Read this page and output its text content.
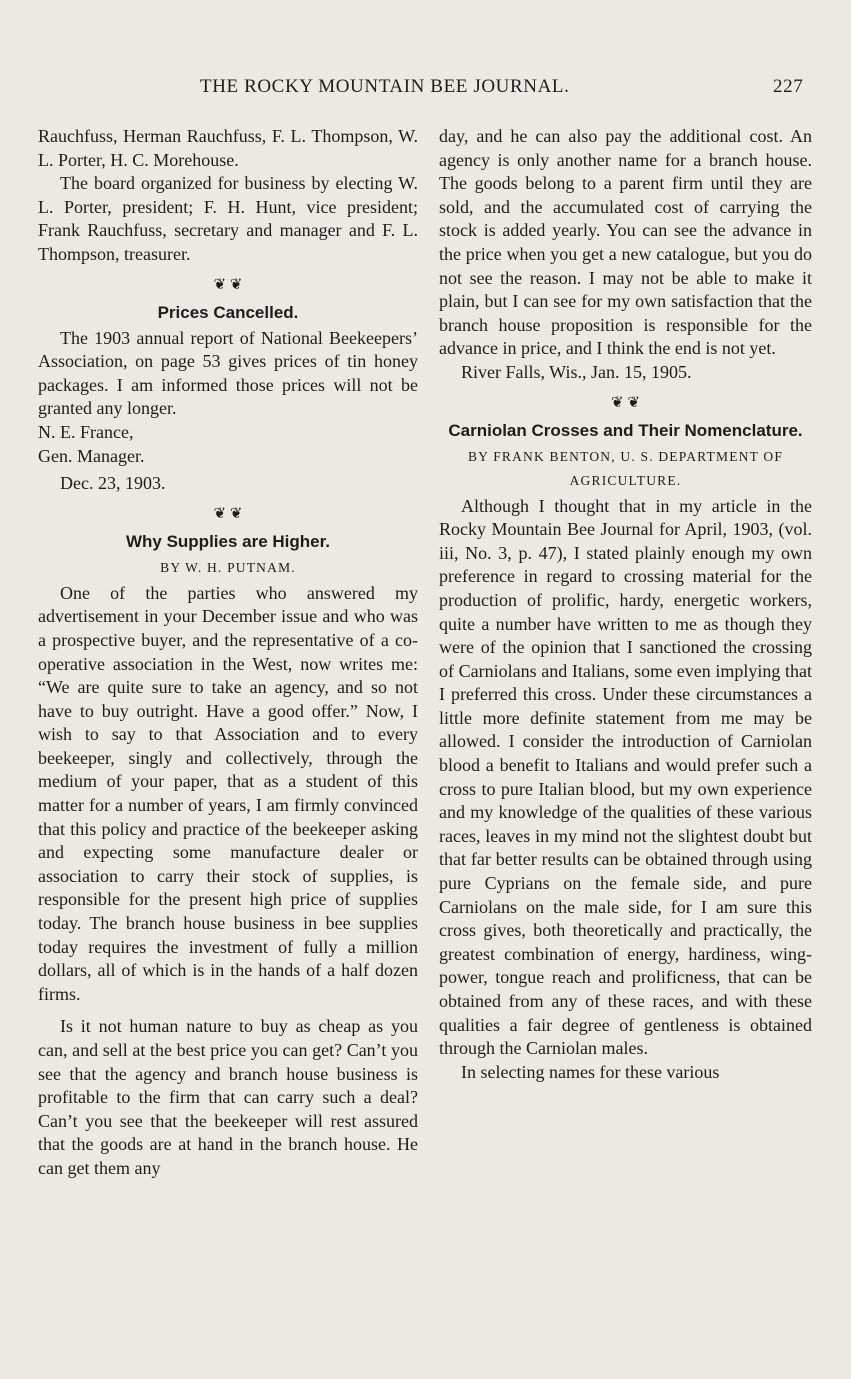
THE ROCKY MOUNTAIN BEE JOURNAL.	227

Rauchfuss, Herman Rauchfuss, F. L. Thompson, W. L. Porter, H. C. Morehouse.

The board organized for business by electing W. L. Porter, president; F. H. Hunt, vice president; Frank Rauchfuss, secretary and manager and F. L. Thompson, treasurer.

❦ ❦
Prices Cancelled.

The 1903 annual report of National Beekeepers’ Association, on page 53 gives prices of tin honey packages. I am informed those prices will not be granted any longer.

N. E. France,

Gen. Manager.

Dec. 23, 1903.

❦ ❦
Why Supplies are Higher.
BY W. H. PUTNAM.

One of the parties who answered my advertisement in your December issue and who was a prospective buyer, and the representative of a co-operative association in the West, now writes me: “We are quite sure to take an agency, and so not have to buy outright. Have a good offer.” Now, I wish to say to that Association and to every beekeeper, singly and collectively, through the medium of your paper, that as a student of this matter for a number of years, I am firmly convinced that this policy and practice of the beekeeper asking and expecting some manufacture dealer or association to carry their stock of supplies, is responsible for the present high price of supplies today. The branch house business in bee supplies today requires the investment of fully a million dollars, all of which is in the hands of a half dozen firms.

Is it not human nature to buy as cheap as you can, and sell at the best price you can get? Can’t you see that the agency and branch house business is profitable to the firm that can carry such a deal? Can’t you see that the beekeeper will rest assured that the goods are at hand in the branch house. He can get them any

day, and he can also pay the additional cost. An agency is only another name for a branch house. The goods belong to a parent firm until they are sold, and the accumulated cost of carrying the stock is added yearly. You can see the advance in the price when you get a new catalogue, but you do not see the reason. I may not be able to make it plain, but I can see for my own satisfaction that the branch house proposition is responsible for the advance in price, and I think the end is not yet.

River Falls, Wis., Jan. 15, 1905.

❦ ❦
Carniolan Crosses and Their Nomenclature.
BY FRANK BENTON, U. S. DEPARTMENT OF AGRICULTURE.

Although I thought that in my article in the Rocky Mountain Bee Journal for April, 1903, (vol. iii, No. 3, p. 47), I stated plainly enough my own preference in regard to crossing material for the production of prolific, hardy, energetic workers, quite a number have written to me as though they were of the opinion that I sanctioned the crossing of Carniolans and Italians, some even implying that I preferred this cross. Under these circumstances a little more definite statement from me may be allowed. I consider the introduction of Carniolan blood a benefit to Italians and would prefer such a cross to pure Italian blood, but my own experience and my knowledge of the qualities of these various races, leaves in my mind not the slightest doubt but that far better results can be obtained through using pure Cyprians on the female side, and pure Carniolans on the male side, for I am sure this cross gives, both theoretically and practically, the greatest combination of energy, hardiness, wing-power, tongue reach and prolificness, that can be obtained from any of these races, and with these qualities a fair degree of gentleness is obtained through the Carniolan males.

In selecting names for these various
